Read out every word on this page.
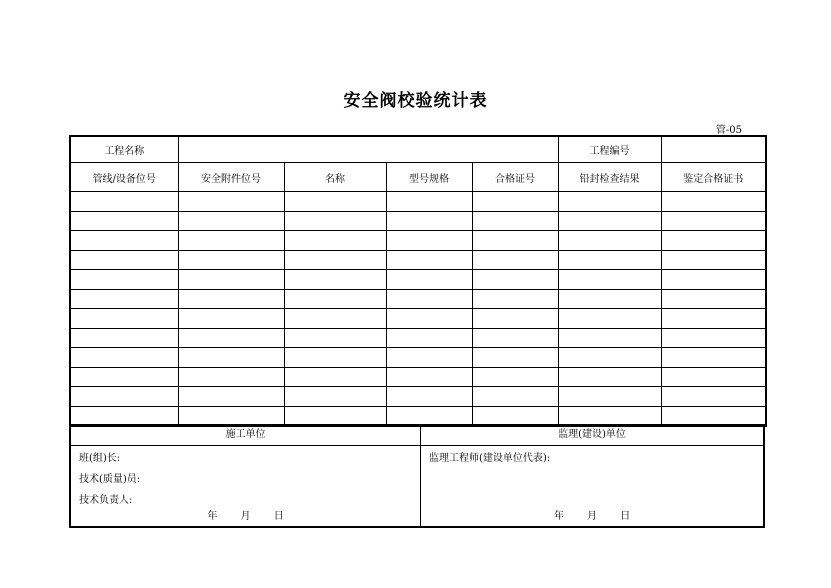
安全阀校验统计表
管-05
工程名称					工程编号	
管线/设备位号	安全附件位号	名称	型号规格	合格证号	铅封检查结果	鉴定合格证书

施工单位
班(组)长:
技术(质量)员:
技术负责人:
年 月 日
监理(建设)单位
监理工程师(建设单位代表):
年 月 日
